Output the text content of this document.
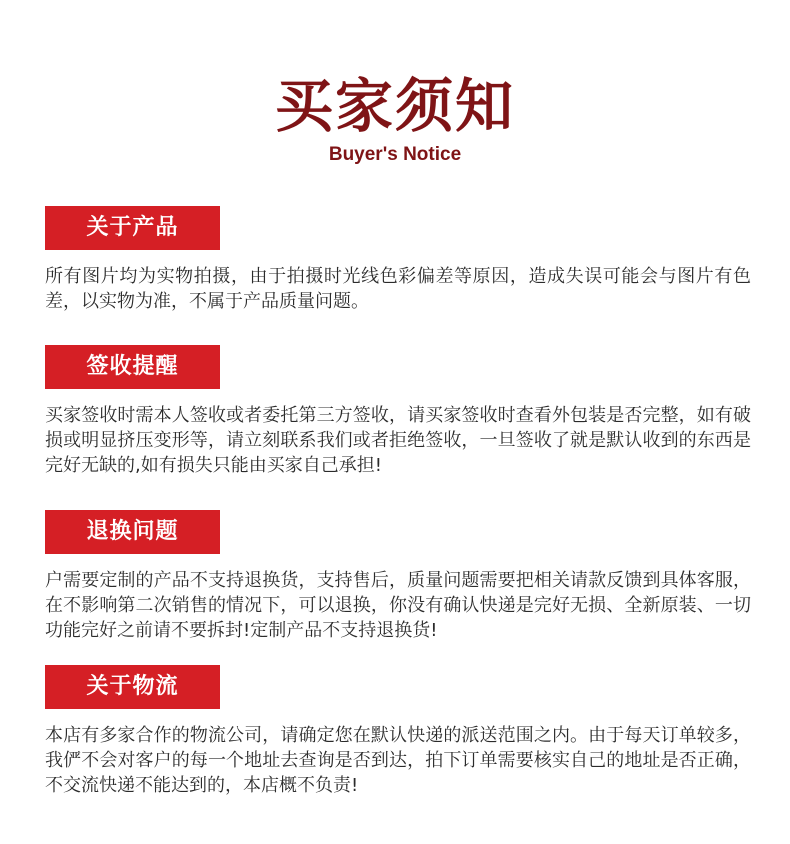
买家须知
Buyer's Notice
关于产品

所有图片均为实物拍摄，由于拍摄时光线色彩偏差等原因，造成失误可能会与图片有色差，以实物为准，不属于产品质量问题。

签收提醒

买家签收时需本人签收或者委托第三方签收，请买家签收时查看外包装是否完整，如有破损或明显挤压变形等，请立刻联系我们或者拒绝签收，一旦签收了就是默认收到的东西是完好无缺的,如有损失只能由买家自己承担!

退换问题

户需要定制的产品不支持退换货，支持售后，质量问题需要把相关请款反馈到具体客服，在不影响第二次销售的情况下，可以退换，你没有确认快递是完好无损、全新原装、一切功能完好之前请不要拆封!定制产品不支持退换货!

关于物流

本店有多家合作的物流公司，请确定您在默认快递的派送范围之内。由于每天订单较多，我俨不会对客户的每一个地址去查询是否到达，拍下订单需要核实自己的地址是否正确，不交流快递不能达到的，本店概不负责!
